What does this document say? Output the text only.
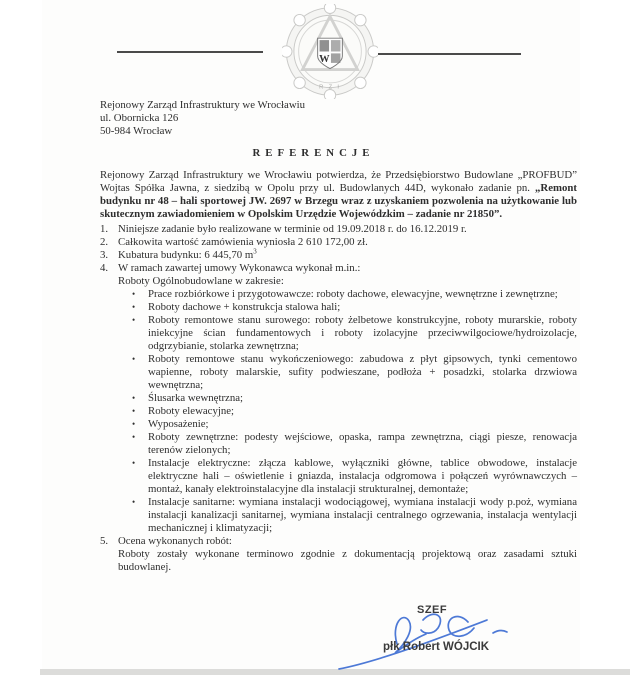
W
R Z I
Rejonowy Zarząd Infrastruktury we Wrocławiu
ul. Obornicka 126
50-984 Wrocław
REFERENCJE
Rejonowy Zarząd Infrastruktury we Wrocławiu potwierdza, że Przedsiębiorstwo Budowlane „PROFBUD” Wojtas Spółka Jawna, z siedzibą w Opolu przy ul. Budowlanych 44D, wykonało zadanie pn. „Remont budynku nr 48 – hali sportowej JW. 2697 w Brzegu wraz z uzyskaniem pozwolenia na użytkowanie lub skutecznym zawiadomieniem w Opolskim Urzędzie Wojewódzkim – zadanie nr 21850”.
1. Niniejsze zadanie było realizowane w terminie od 19.09.2018 r. do 16.12.2019 r.
2. Całkowita wartość zamówienia wyniosła 2 610 172,00 zł.
3. Kubatura budynku: 6 445,70 $m^3$
4. W ramach zawartej umowy Wykonawca wykonał m.in.:
Roboty Ogólnobudowlane w zakresie:
•	Prace rozbiórkowe i przygotowawcze: roboty dachowe, elewacyjne, wewnętrzne i zewnętrzne;
•	Roboty dachowe + konstrukcja stalowa hali;
•	Roboty remontowe stanu surowego: roboty żelbetowe konstrukcyjne, roboty murarskie, roboty iniekcyjne ścian fundamentowych i roboty izolacyjne przeciwwilgociowe/hydroizolacje, odgrzybianie, stolarka zewnętrzna;
•	Roboty remontowe stanu wykończeniowego: zabudowa z płyt gipsowych, tynki cementowo wapienne, roboty malarskie, sufity podwieszane, podłoża + posadzki, stolarka drzwiowa wewnętrzna;
•	Ślusarka wewnętrzna;
•	Roboty elewacyjne;
•	Wyposażenie;
•	Roboty zewnętrzne: podesty wejściowe, opaska, rampa zewnętrzna, ciągi piesze, renowacja terenów zielonych;
•	Instalacje elektryczne: złącza kablowe, wyłączniki główne, tablice obwodowe, instalacje elektryczne hali – oświetlenie i gniazda, instalacja odgromowa i połączeń wyrównawczych – montaż, kanały elektroinstalacyjne dla instalacji strukturalnej, demontaże;
•	Instalacje sanitarne: wymiana instalacji wodociągowej, wymiana instalacji wody p.poż, wymiana instalacji kanalizacji sanitarnej, wymiana instalacji centralnego ogrzewania, instalacja wentylacji mechanicznej i klimatyzacji;
5. Ocena wykonanych robót:
Roboty zostały wykonane terminowo zgodnie z dokumentacją projektową oraz zasadami sztuki budowlanej.
SZEF
płk Robert WÓJCIK
